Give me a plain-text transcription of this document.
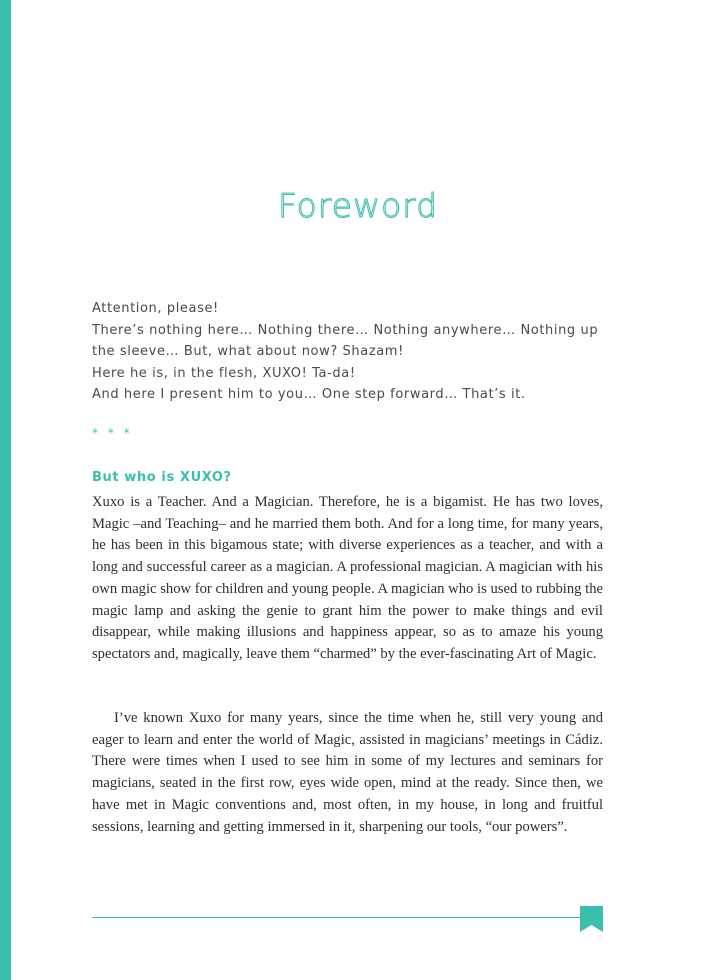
Foreword
Attention, please!
There’s nothing here… Nothing there… Nothing anywhere… Nothing up
the sleeve… But, what about now? Shazam!
Here he is, in the flesh, XUXO! Ta-da!
And here I present him to you… One step forward… That’s it.
* * *
But who is XUXO?

Xuxo is a Teacher. And a Magician. Therefore, he is a bigamist. He has two loves, Magic –and Teaching– and he married them both. And for a long time, for many years, he has been in this bigamous state; with diverse experiences as a teacher, and with a long and successful career as a magician. A professional magician. A magician with his own magic show for children and young people. A magician who is used to rubbing the magic lamp and asking the genie to grant him the power to make things and evil disappear, while making illusions and happiness appear, so as to amaze his young spectators and, magically, leave them “charmed” by the ever-fascinating Art of Magic.

I’ve known Xuxo for many years, since the time when he, still very young and eager to learn and enter the world of Magic, assisted in magicians’ meetings in Cádiz. There were times when I used to see him in some of my lectures and seminars for magicians, seated in the first row, eyes wide open, mind at the ready. Since then, we have met in Magic conventions and, most often, in my house, in long and fruitful sessions, learning and getting immersed in it, sharpening our tools, “our powers”.
